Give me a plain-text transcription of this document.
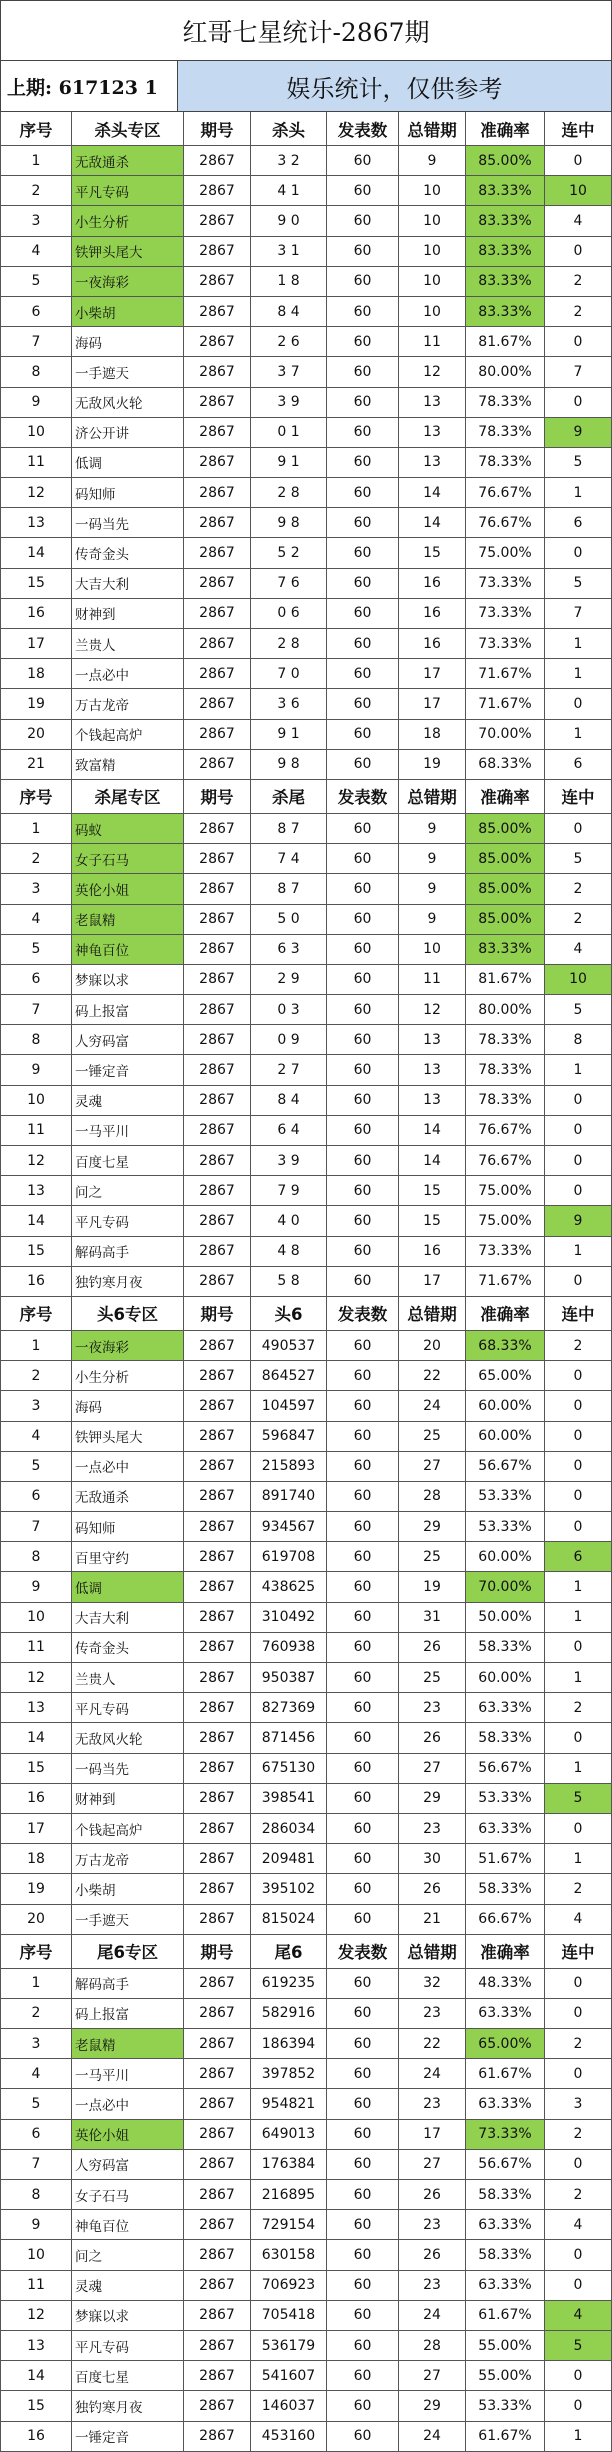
红哥七星统计-2867期
上期: 617123 1	娱乐统计，仅供参考
序号	杀头专区	期号	杀头	发表数	总错期	准确率	连中
1	无敌通杀	2867	3 2	60	9	85.00%	0
2	平凡专码	2867	4 1	60	10	83.33%	10
3	小生分析	2867	9 0	60	10	83.33%	4
4	铁钾头尾大	2867	3 1	60	10	83.33%	0
5	一夜海彩	2867	1 8	60	10	83.33%	2
6	小柴胡	2867	8 4	60	10	83.33%	2
7	海码	2867	2 6	60	11	81.67%	0
8	一手遮天	2867	3 7	60	12	80.00%	7
9	无敌风火轮	2867	3 9	60	13	78.33%	0
10	济公开讲	2867	0 1	60	13	78.33%	9
11	低调	2867	9 1	60	13	78.33%	5
12	码知师	2867	2 8	60	14	76.67%	1
13	一码当先	2867	9 8	60	14	76.67%	6
14	传奇金头	2867	5 2	60	15	75.00%	0
15	大吉大利	2867	7 6	60	16	73.33%	5
16	财神到	2867	0 6	60	16	73.33%	7
17	兰贵人	2867	2 8	60	16	73.33%	1
18	一点必中	2867	7 0	60	17	71.67%	1
19	万古龙帝	2867	3 6	60	17	71.67%	0
20	个钱起高炉	2867	9 1	60	18	70.00%	1
21	致富精	2867	9 8	60	19	68.33%	6
序号	杀尾专区	期号	杀尾	发表数	总错期	准确率	连中
1	码蚁	2867	8 7	60	9	85.00%	0
2	女子石马	2867	7 4	60	9	85.00%	5
3	英伦小姐	2867	8 7	60	9	85.00%	2
4	老鼠精	2867	5 0	60	9	85.00%	2
5	神龟百位	2867	6 3	60	10	83.33%	4
6	梦寐以求	2867	2 9	60	11	81.67%	10
7	码上报富	2867	0 3	60	12	80.00%	5
8	人穷码富	2867	0 9	60	13	78.33%	8
9	一锤定音	2867	2 7	60	13	78.33%	1
10	灵魂	2867	8 4	60	13	78.33%	0
11	一马平川	2867	6 4	60	14	76.67%	0
12	百度七星	2867	3 9	60	14	76.67%	0
13	问之	2867	7 9	60	15	75.00%	0
14	平凡专码	2867	4 0	60	15	75.00%	9
15	解码高手	2867	4 8	60	16	73.33%	1
16	独钓寒月夜	2867	5 8	60	17	71.67%	0
序号	头6专区	期号	头6	发表数	总错期	准确率	连中
1	一夜海彩	2867	490537	60	20	68.33%	2
2	小生分析	2867	864527	60	22	65.00%	0
3	海码	2867	104597	60	24	60.00%	0
4	铁钾头尾大	2867	596847	60	25	60.00%	0
5	一点必中	2867	215893	60	27	56.67%	0
6	无敌通杀	2867	891740	60	28	53.33%	0
7	码知师	2867	934567	60	29	53.33%	0
8	百里守约	2867	619708	60	25	60.00%	6
9	低调	2867	438625	60	19	70.00%	1
10	大吉大利	2867	310492	60	31	50.00%	1
11	传奇金头	2867	760938	60	26	58.33%	0
12	兰贵人	2867	950387	60	25	60.00%	1
13	平凡专码	2867	827369	60	23	63.33%	2
14	无敌风火轮	2867	871456	60	26	58.33%	0
15	一码当先	2867	675130	60	27	56.67%	1
16	财神到	2867	398541	60	29	53.33%	5
17	个钱起高炉	2867	286034	60	23	63.33%	0
18	万古龙帝	2867	209481	60	30	51.67%	1
19	小柴胡	2867	395102	60	26	58.33%	2
20	一手遮天	2867	815024	60	21	66.67%	4
序号	尾6专区	期号	尾6	发表数	总错期	准确率	连中
1	解码高手	2867	619235	60	32	48.33%	0
2	码上报富	2867	582916	60	23	63.33%	0
3	老鼠精	2867	186394	60	22	65.00%	2
4	一马平川	2867	397852	60	24	61.67%	0
5	一点必中	2867	954821	60	23	63.33%	3
6	英伦小姐	2867	649013	60	17	73.33%	2
7	人穷码富	2867	176384	60	27	56.67%	0
8	女子石马	2867	216895	60	26	58.33%	2
9	神龟百位	2867	729154	60	23	63.33%	4
10	问之	2867	630158	60	26	58.33%	0
11	灵魂	2867	706923	60	23	63.33%	0
12	梦寐以求	2867	705418	60	24	61.67%	4
13	平凡专码	2867	536179	60	28	55.00%	5
14	百度七星	2867	541607	60	27	55.00%	0
15	独钓寒月夜	2867	146037	60	29	53.33%	0
16	一锤定音	2867	453160	60	24	61.67%	1
